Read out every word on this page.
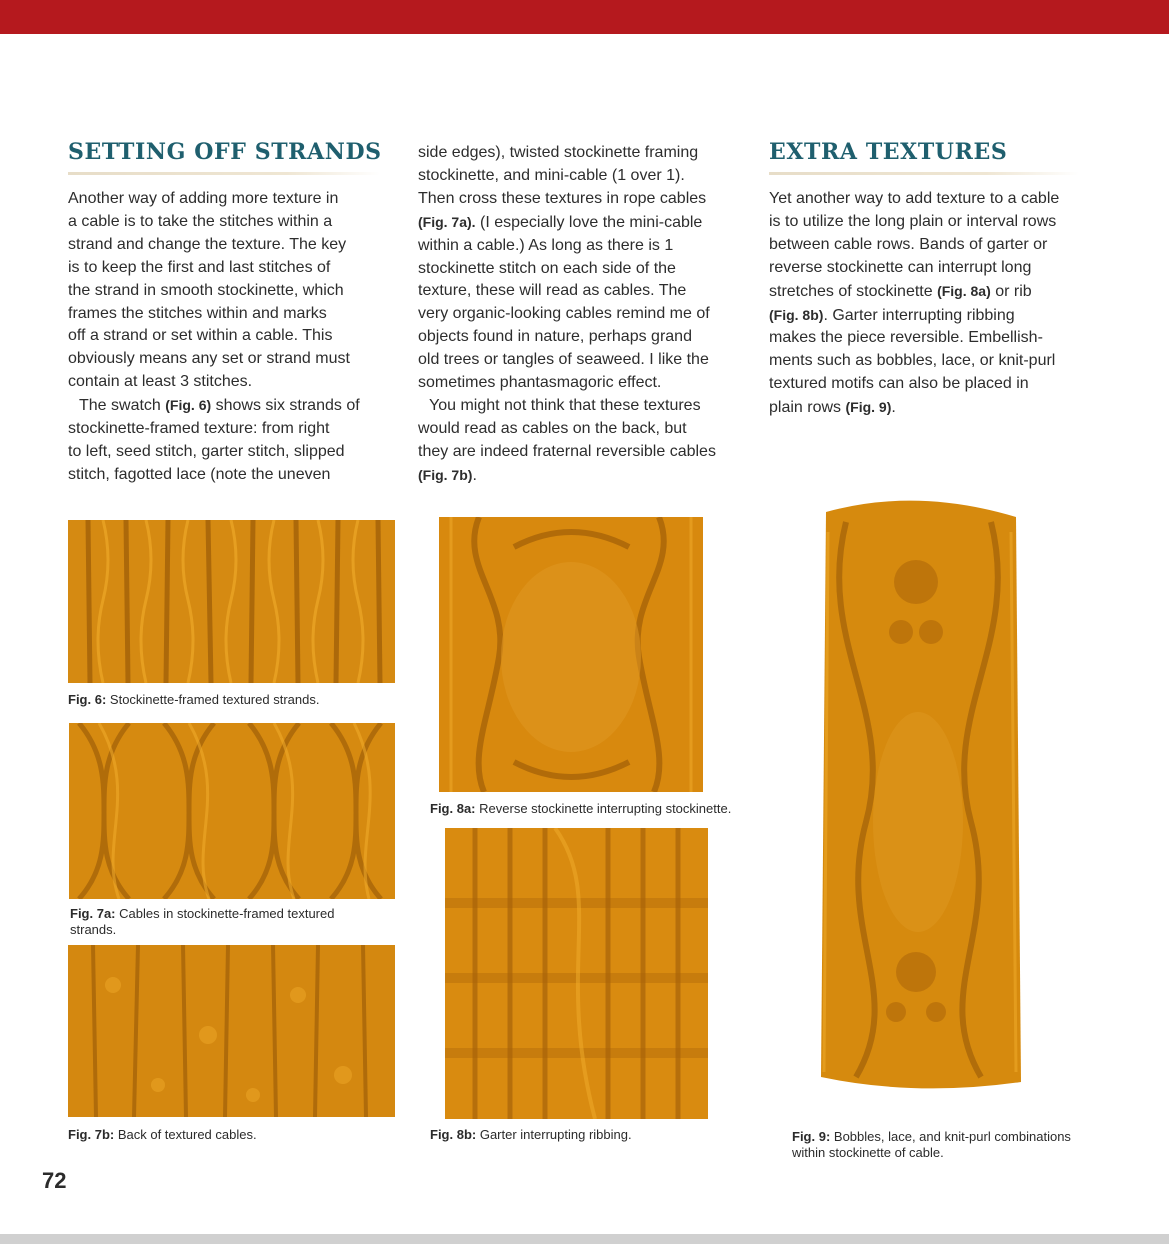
SETTING OFF STRANDS
Another way of adding more texture in
a cable is to take the stitches within a
strand and change the texture. The key
is to keep the first and last stitches of
the strand in smooth stockinette, which
frames the stitches within and marks
off a strand or set within a cable. This
obviously means any set or strand must
contain at least 3 stitches.
The swatch (Fig. 6) shows six strands of
stockinette-framed texture: from right
to left, seed stitch, garter stitch, slipped
stitch, fagotted lace (note the uneven
side edges), twisted stockinette framing
stockinette, and mini-cable (1 over 1).
Then cross these textures in rope cables
(Fig. 7a). (I especially love the mini-cable
within a cable.) As long as there is 1
stockinette stitch on each side of the
texture, these will read as cables. The
very organic-looking cables remind me of
objects found in nature, perhaps grand
old trees or tangles of seaweed. I like the
sometimes phantasmagoric effect.
You might not think that these textures
would read as cables on the back, but
they are indeed fraternal reversible cables
(Fig. 7b).
EXTRA TEXTURES
Yet another way to add texture to a cable
is to utilize the long plain or interval rows
between cable rows. Bands of garter or
reverse stockinette can interrupt long
stretches of stockinette (Fig. 8a) or rib
(Fig. 8b). Garter interrupting ribbing
makes the piece reversible. Embellish-
ments such as bobbles, lace, or knit-purl
textured motifs can also be placed in
plain rows (Fig. 9).
Fig. 6: Stockinette-framed textured strands.
Fig. 7a: Cables in stockinette-framed textured
strands.
Fig. 7b: Back of textured cables.
Fig. 8a: Reverse stockinette interrupting stockinette.
Fig. 8b: Garter interrupting ribbing.	Fig. 9: Bobbles, lace, and knit-purl combinations
within stockinette of cable.
72
